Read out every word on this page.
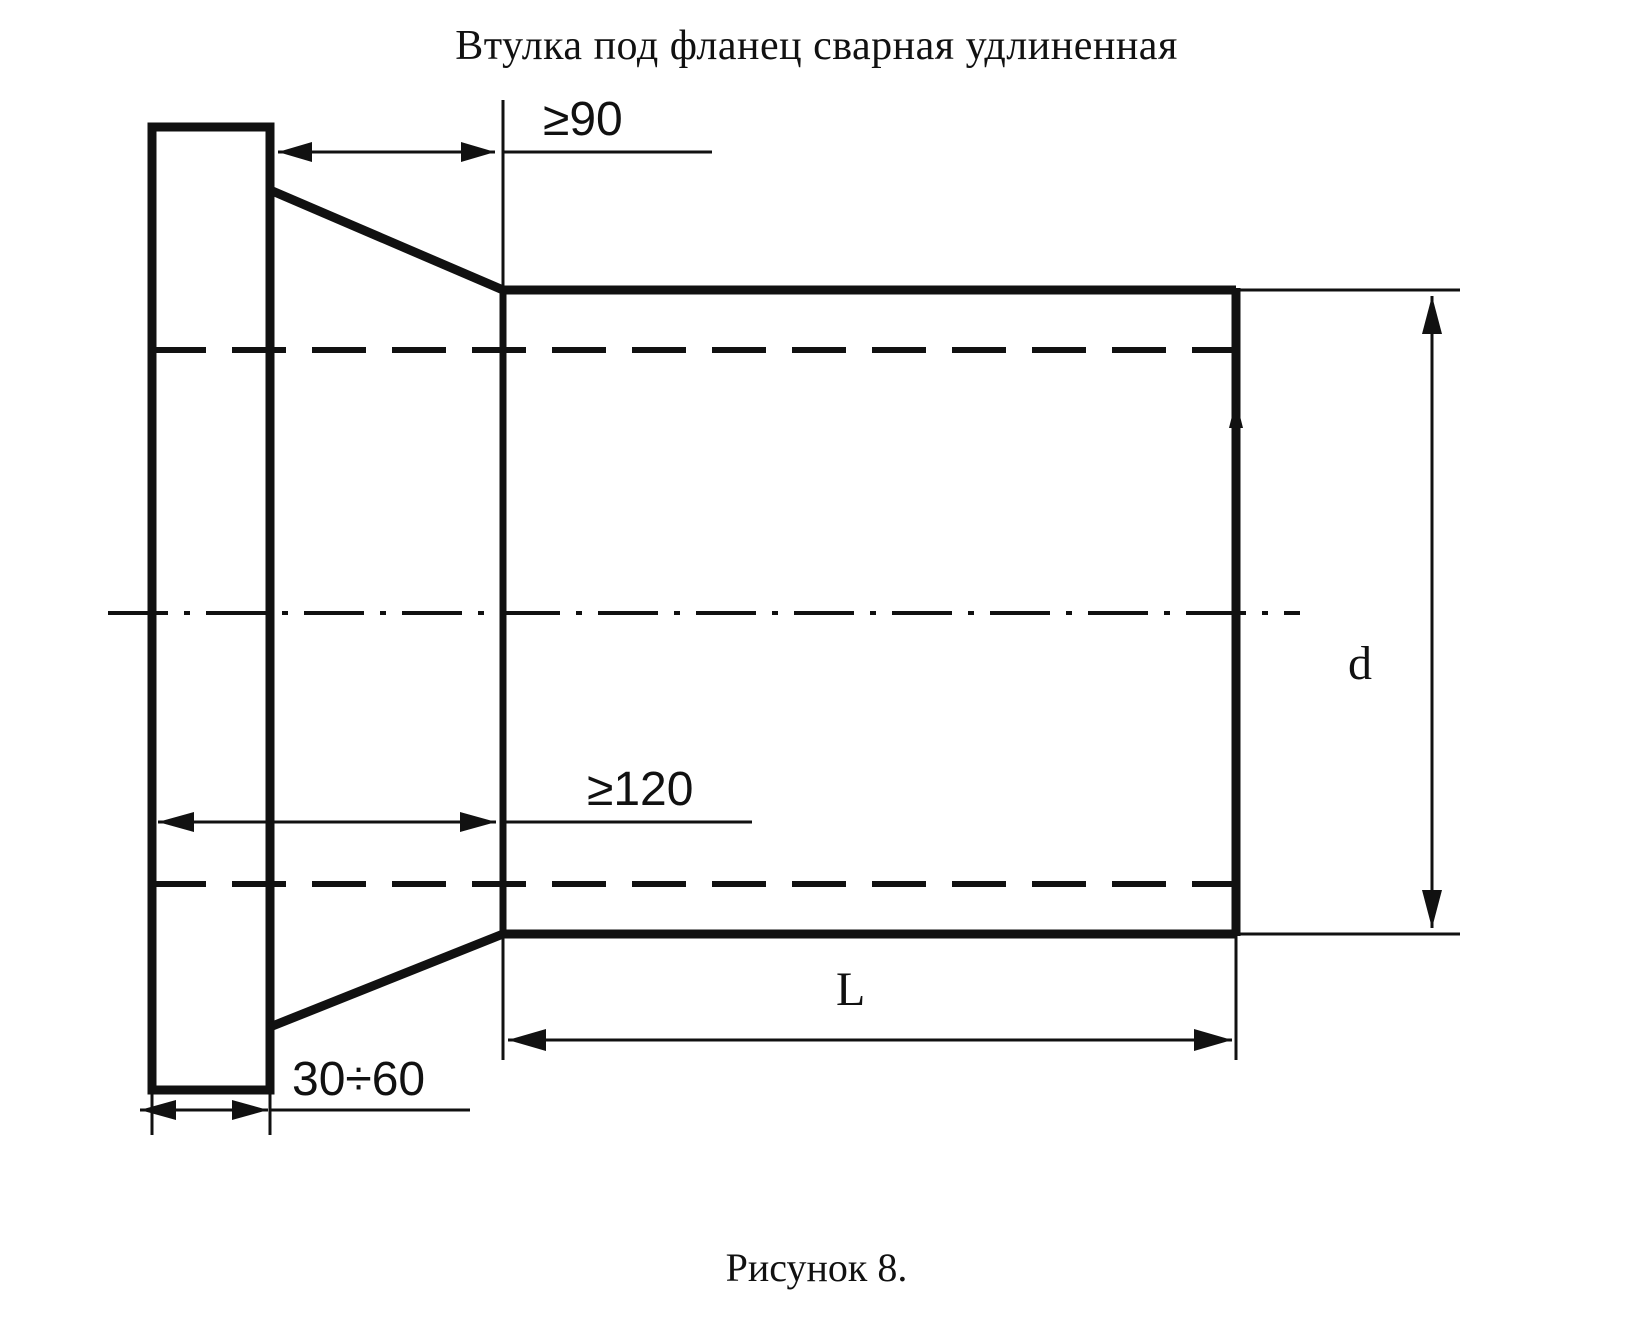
Втулка под фланец сварная удлиненная
≥90
≥120
30÷60
d
L
Рисунок 8.
